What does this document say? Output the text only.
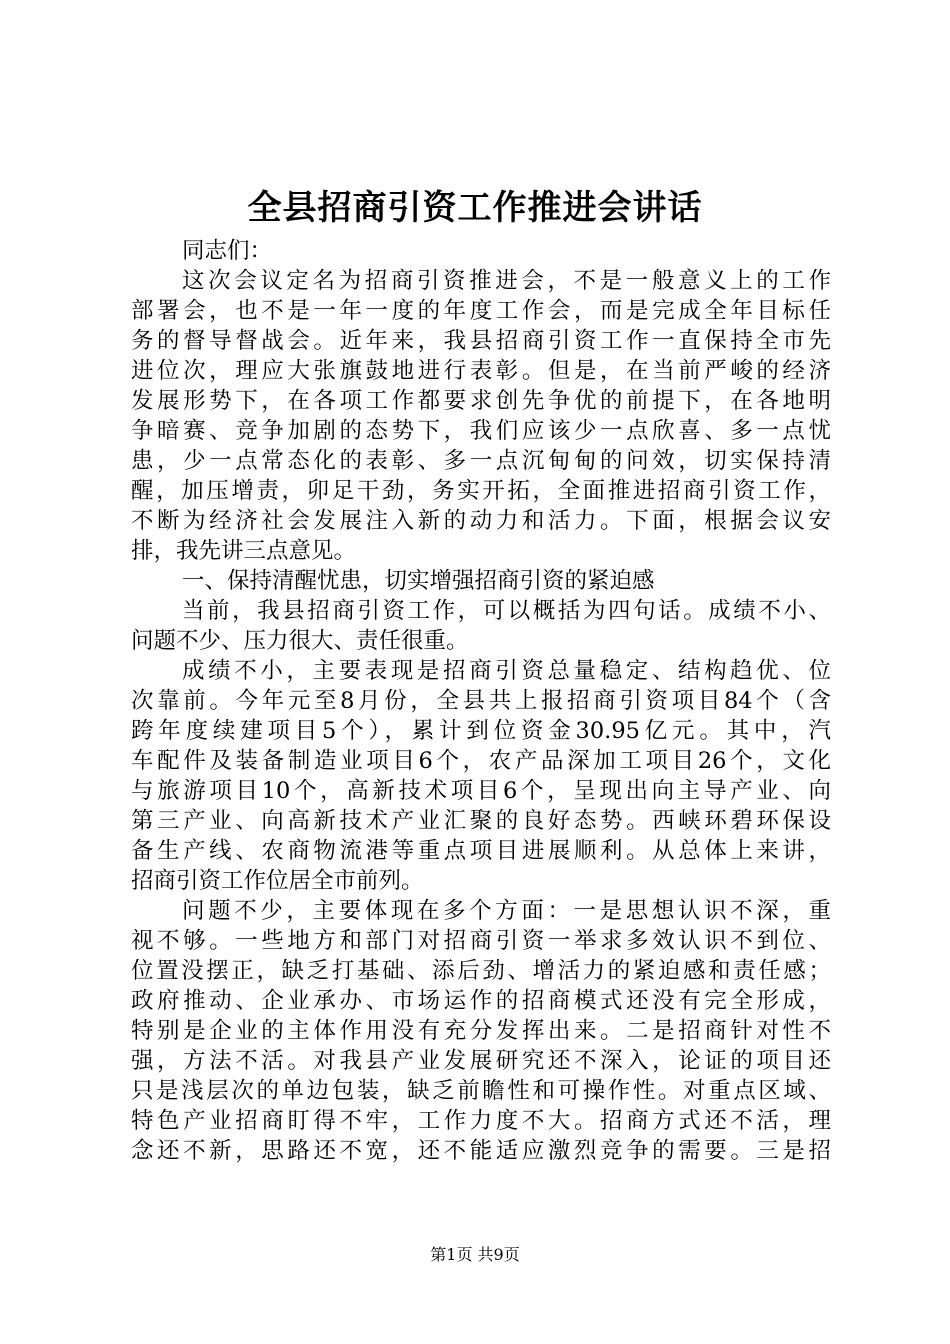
全县招商引资工作推进会讲话
同志们：
这次会议定名为招商引资推进会，不是一般意义上的工作
部署会，也不是一年一度的年度工作会，而是完成全年目标任
务的督导督战会。近年来，我县招商引资工作一直保持全市先
进位次，理应大张旗鼓地进行表彰。但是，在当前严峻的经济
发展形势下，在各项工作都要求创先争优的前提下，在各地明
争暗赛、竞争加剧的态势下，我们应该少一点欣喜、多一点忧
患，少一点常态化的表彰、多一点沉甸甸的问效，切实保持清
醒，加压增责，卯足干劲，务实开拓，全面推进招商引资工作，
不断为经济社会发展注入新的动力和活力。下面，根据会议安
排，我先讲三点意见。
一、保持清醒忧患，切实增强招商引资的紧迫感
当前，我县招商引资工作，可以概括为四句话。成绩不小、
问题不少、压力很大、责任很重。
成绩不小，主要表现是招商引资总量稳定、结构趋优、位
次靠前。今年元至8月份，全县共上报招商引资项目84个（含
跨年度续建项目5个），累计到位资金30.95亿元。其中，汽
车配件及装备制造业项目6个，农产品深加工项目26个，文化
与旅游项目10个，高新技术项目6个，呈现出向主导产业、向
第三产业、向高新技术产业汇聚的良好态势。西峡环碧环保设
备生产线、农商物流港等重点项目进展顺利。从总体上来讲，
招商引资工作位居全市前列。
问题不少，主要体现在多个方面：一是思想认识不深，重
视不够。一些地方和部门对招商引资一举求多效认识不到位、
位置没摆正，缺乏打基础、添后劲、增活力的紧迫感和责任感；
政府推动、企业承办、市场运作的招商模式还没有完全形成，
特别是企业的主体作用没有充分发挥出来。二是招商针对性不
强，方法不活。对我县产业发展研究还不深入，论证的项目还
只是浅层次的单边包装，缺乏前瞻性和可操作性。对重点区域、
特色产业招商盯得不牢，工作力度不大。招商方式还不活，理
念还不新，思路还不宽，还不能适应激烈竞争的需要。三是招
第1页 共9页
